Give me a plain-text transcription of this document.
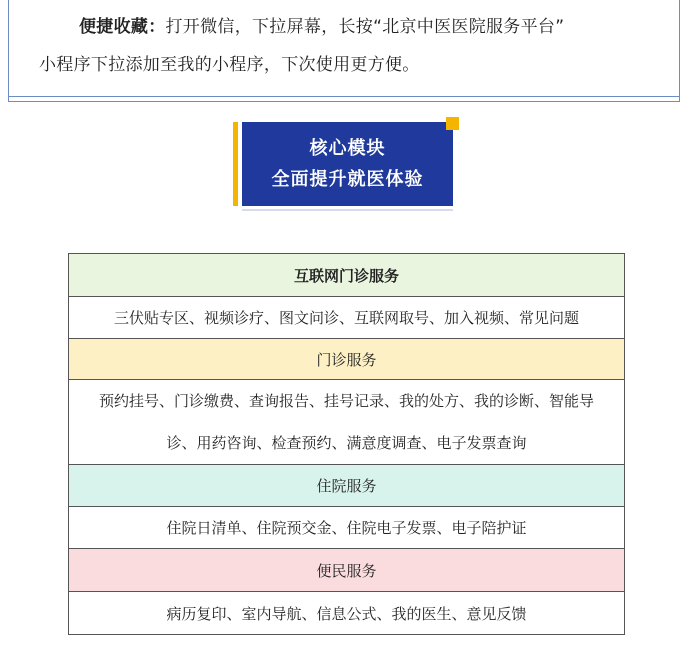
便捷收藏：打开微信，下拉屏幕，长按“北京中医医院服务平台”
小程序下拉添加至我的小程序，下次使用更方便。
核心模块
全面提升就医体验
互联网门诊服务
三伏贴专区、视频诊疗、图文问诊、互联网取号、加入视频、常见问题
门诊服务
预约挂号、门诊缴费、查询报告、挂号记录、我的处方、我的诊断、智能导
诊、用药咨询、检查预约、满意度调查、电子发票查询
住院服务
住院日清单、住院预交金、住院电子发票、电子陪护证
便民服务
病历复印、室内导航、信息公式、我的医生、意见反馈
